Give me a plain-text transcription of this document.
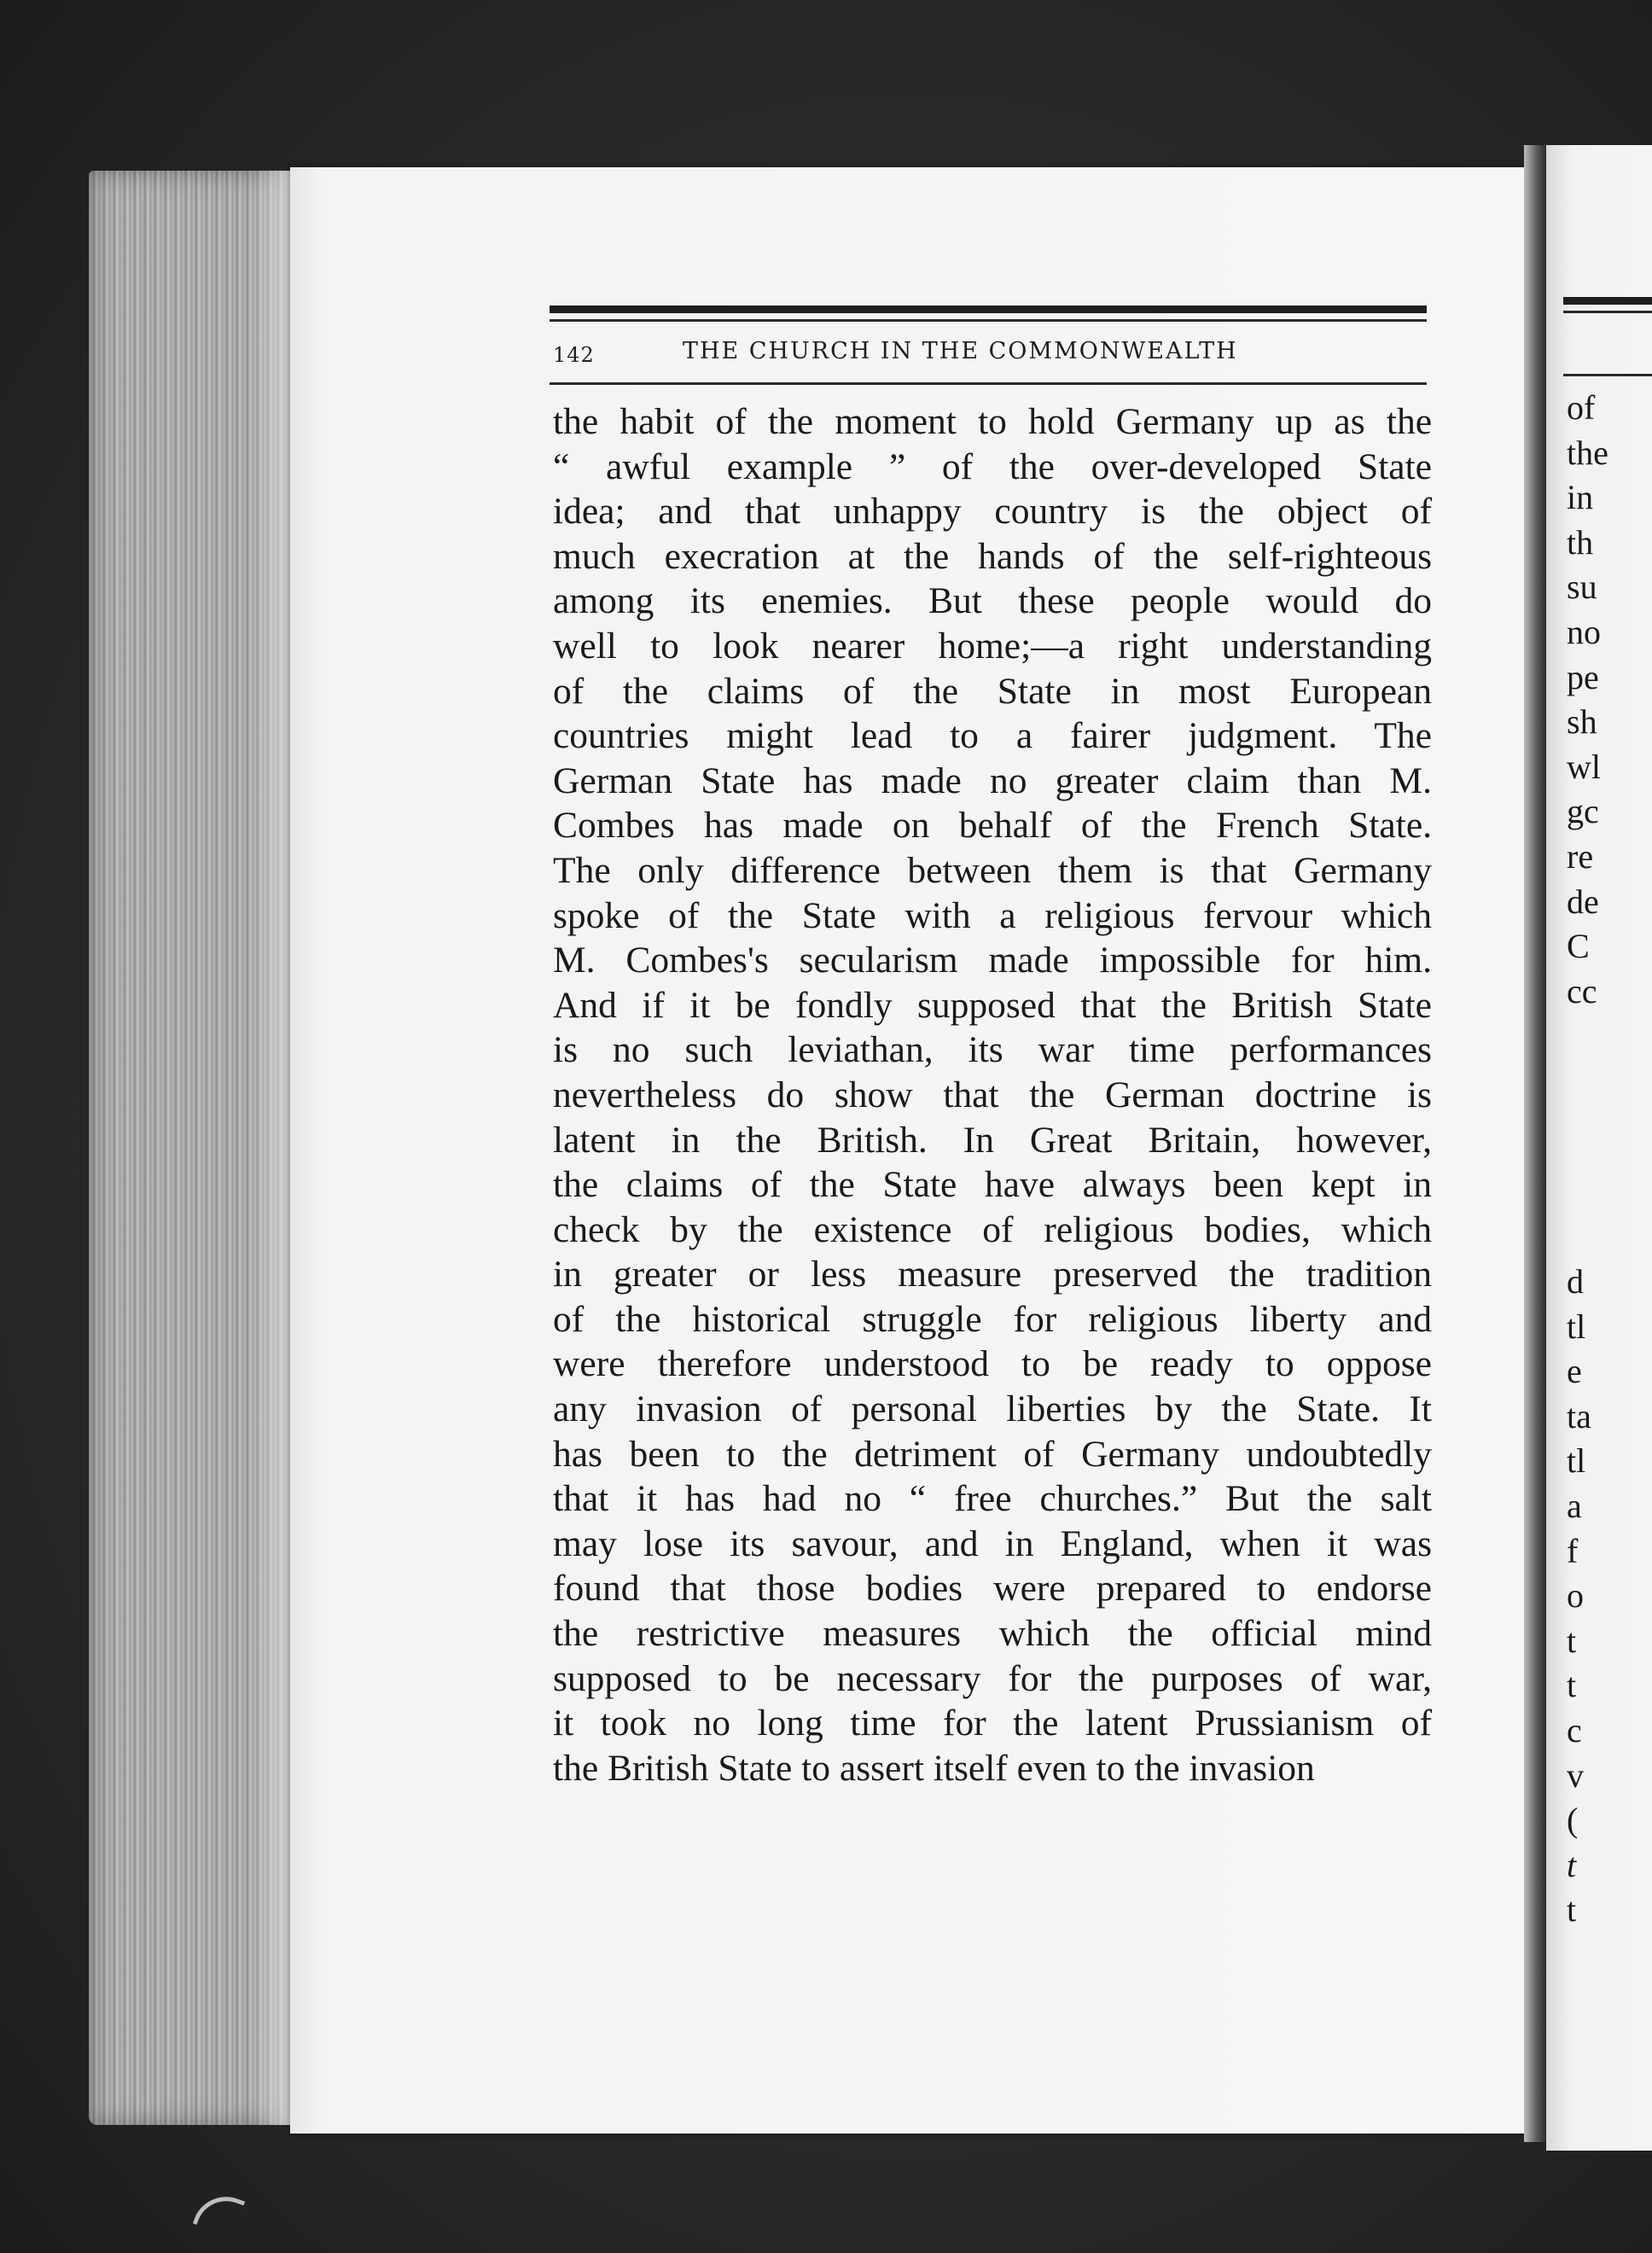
142	THE CHURCH IN THE COMMONWEALTH
the habit of the moment to hold Germany up as the
“ awful example ” of the over-developed State
idea; and that unhappy country is the object of
much execration at the hands of the self-righteous
among its enemies. But these people would do
well to look nearer home;—a right understanding
of the claims of the State in most European
countries might lead to a fairer judgment. The
German State has made no greater claim than M.
Combes has made on behalf of the French State.
The only difference between them is that Germany
spoke of the State with a religious fervour which
M. Combes's secularism made impossible for him.
And if it be fondly supposed that the British State
is no such leviathan, its war time performances
nevertheless do show that the German doctrine is
latent in the British. In Great Britain, however,
the claims of the State have always been kept in
check by the existence of religious bodies, which
in greater or less measure preserved the tradition
of the historical struggle for religious liberty and
were therefore understood to be ready to oppose
any invasion of personal liberties by the State. It
has been to the detriment of Germany undoubtedly
that it has had no “ free churches.” But the salt
may lose its savour, and in England, when it was
found that those bodies were prepared to endorse
the restrictive measures which the official mind
supposed to be necessary for the purposes of war,
it took no long time for the latent Prussianism of
the British State to assert itself even to the invasion
of
the
in
th
su
no
pe
sh
wl
gc
re
de
C
cc
d
tl
e
ta
tl
a
f
o
t
t
c
v
(
t
t
